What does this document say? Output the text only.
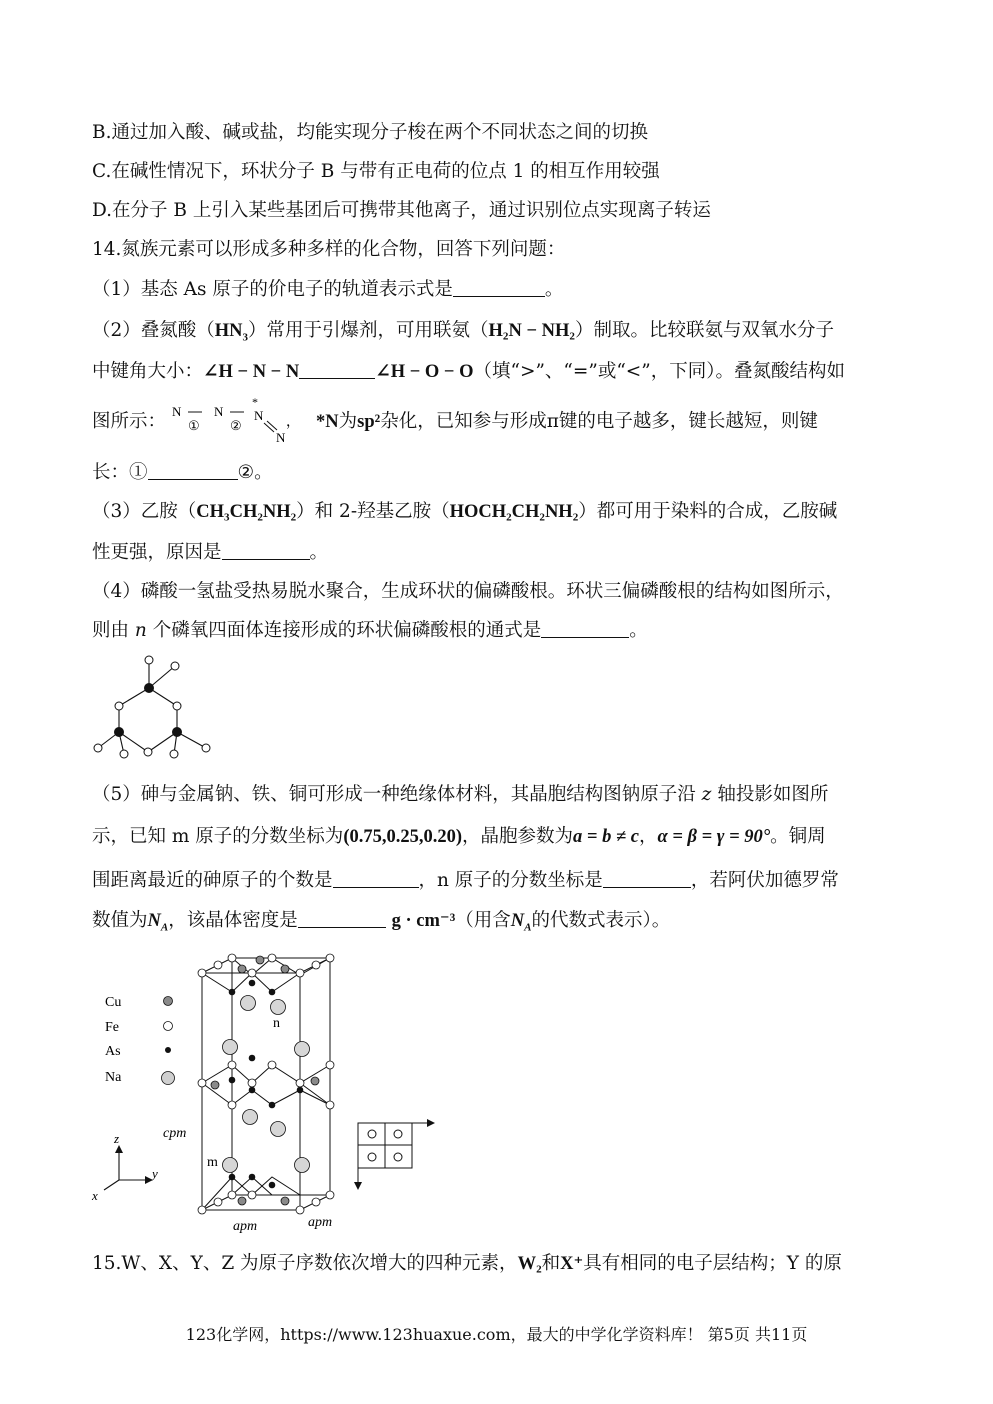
B.通过加入酸、碱或盐，均能实现分子梭在两个不同状态之间的切换
C.在碱性情况下，环状分子 B 与带有正电荷的位点 1 的相互作用较强
D.在分子 B 上引入某些基团后可携带其他离子，通过识别位点实现离子转运
14.氮族元素可以形成多种多样的化合物，回答下列问题：
（1）基态 As 原子的价电子的轨道表示式是	。
（2）叠氮酸$(HN_3)$常用于引爆剂，可用联氨（H₂N − NH₂）制取。比较联氨与双氧水分子
中键角大小：∠H − N − N	∠H − O − O（填“>”、“=”或“<”，下同）。叠氮酸结构如
图所示： N
①
N
②
*
N
N
， *N为sp²杂化，已知参与形成π键的电子越多，键长越短，则键
长：①	②。
（3）乙胺（CH₃CH₂NH₂）和 2-羟基乙胺（HOCH₂CH₂NH₂）都可用于染料的合成，乙胺碱
性更强，原因是	。
（4）磷酸一氢盐受热易脱水聚合，生成环状的偏磷酸根。环状三偏磷酸根的结构如图所示，
则由 n 个磷氧四面体连接形成的环状偏磷酸根的通式是	。
（5）砷与金属钠、铁、铜可形成一种绝缘体材料，其晶胞结构图钠原子沿 z 轴投影如图所
示，已知 m 原子的分数坐标为(0.75,0.25,0.20)，晶胞参数为a = b ≠ c，α = β = γ = 90°。铜周
围距离最近的砷原子的个数是	，n 原子的分数坐标是	，若阿伏加德罗常
数值为$N_A$，该晶体密度是	g · cm⁻³（用含$N_A$的代数式表示）。
Cu
Fe
As
Na
n
m
cpm
apm	apm
z
y
x
15.W、X、Y、Z 为原子序数依次增大的四种元素，W₂和X⁺具有相同的电子层结构；Y 的原
123化学网，https://www.123huaxue.com，最大的中学化学资料库！ 第5页 共11页
